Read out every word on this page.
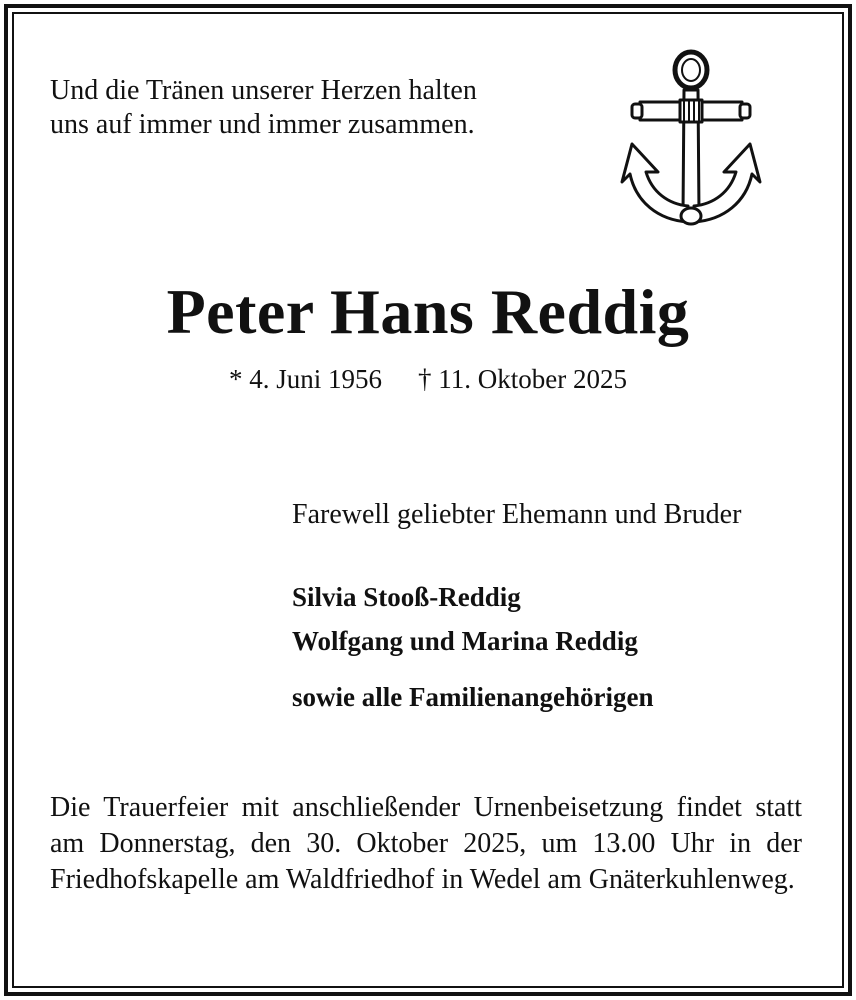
Und die Tränen unserer Herzen halten
uns auf immer und immer zusammen.
Peter Hans Reddig
* 4. Juni 1956 † 11. Oktober 2025
Farewell geliebter Ehemann und Bruder
Silvia Stooß-Reddig
Wolfgang und Marina Reddig
sowie alle Familienangehörigen
Die Trauerfeier mit anschließender Urnenbeisetzung findet statt am Donnerstag, den 30. Oktober 2025, um 13.00 Uhr in der Friedhofskapelle am Waldfriedhof in Wedel am Gnäterkuhlenweg.
